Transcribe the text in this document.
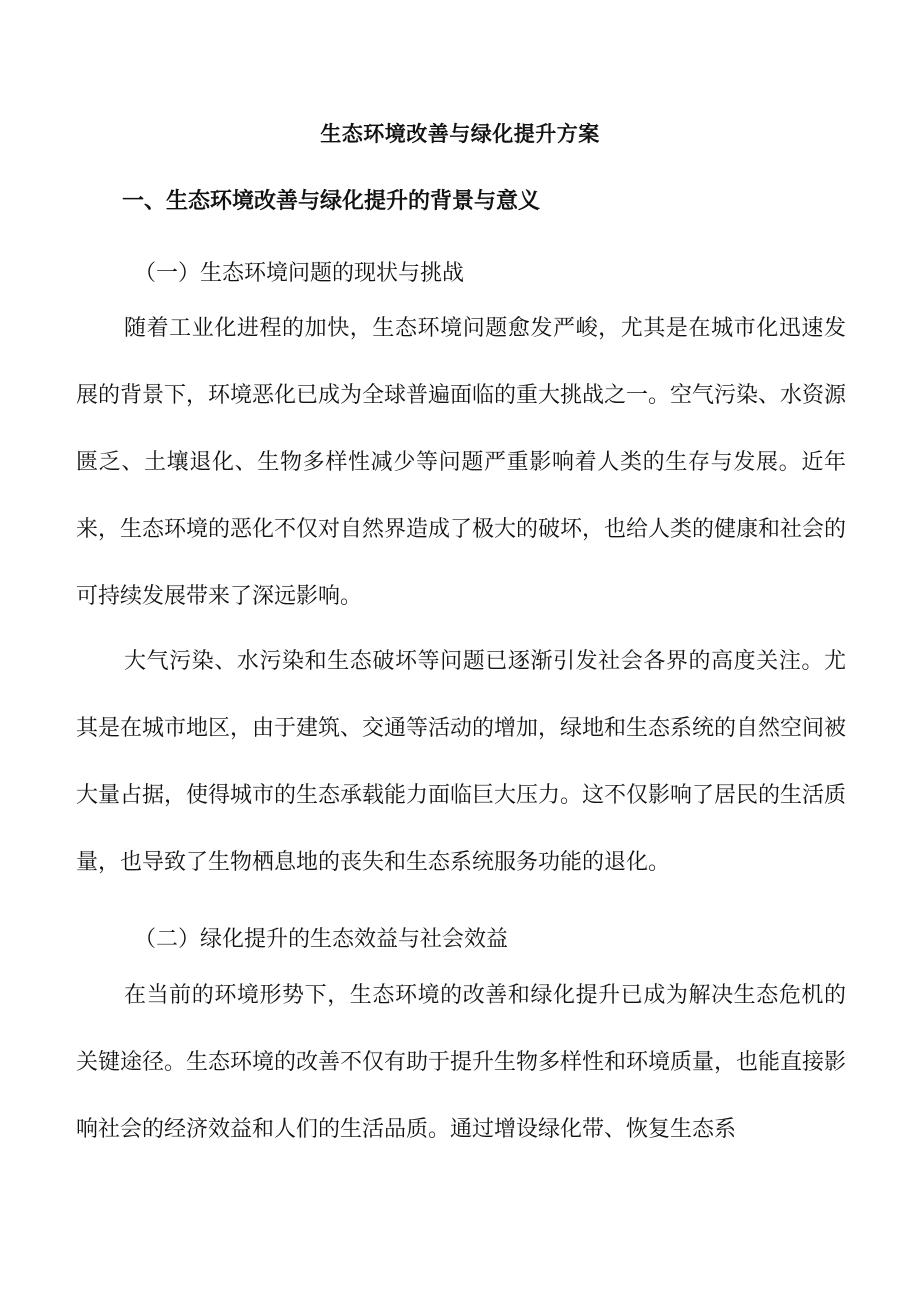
生态环境改善与绿化提升方案
一、生态环境改善与绿化提升的背景与意义
（一）生态环境问题的现状与挑战

随着工业化进程的加快，生态环境问题愈发严峻，尤其是在城市化迅速发展的背景下，环境恶化已成为全球普遍面临的重大挑战之一。空气污染、水资源匮乏、土壤退化、生物多样性减少等问题严重影响着人类的生存与发展。近年来，生态环境的恶化不仅对自然界造成了极大的破坏，也给人类的健康和社会的可持续发展带来了深远影响。

大气污染、水污染和生态破坏等问题已逐渐引发社会各界的高度关注。尤其是在城市地区，由于建筑、交通等活动的增加，绿地和生态系统的自然空间被大量占据，使得城市的生态承载能力面临巨大压力。这不仅影响了居民的生活质量，也导致了生物栖息地的丧失和生态系统服务功能的退化。

（二）绿化提升的生态效益与社会效益

在当前的环境形势下，生态环境的改善和绿化提升已成为解决生态危机的关键途径。生态环境的改善不仅有助于提升生物多样性和环境质量，也能直接影响社会的经济效益和人们的生活品质。通过增设绿化带、恢复生态系
